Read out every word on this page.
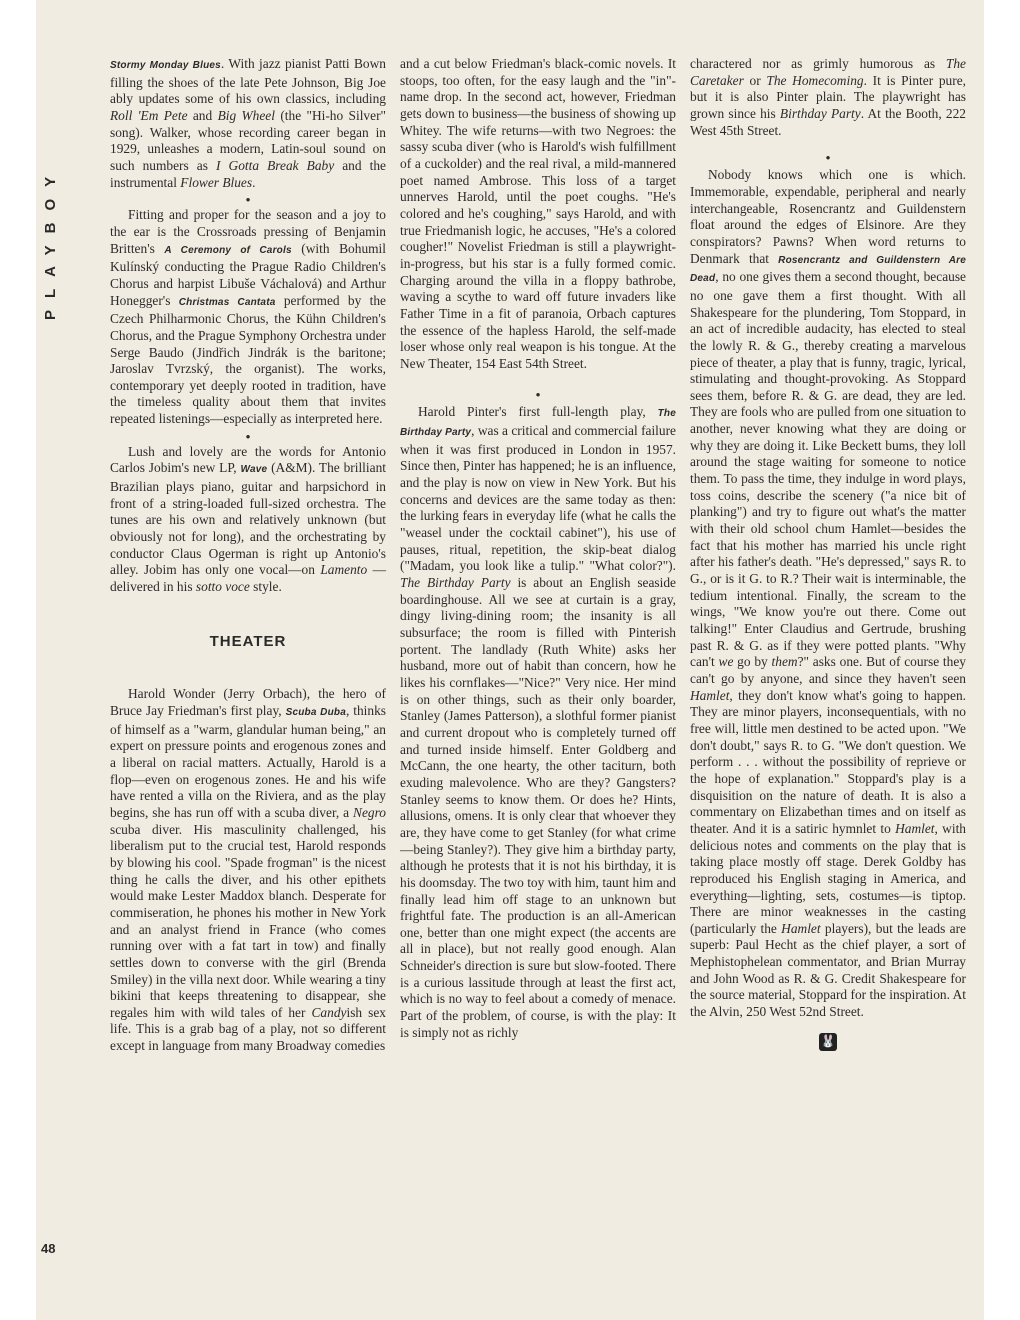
PLAYBOY
48

Stormy Monday Blues. With jazz pianist Patti Bown filling the shoes of the late Pete Johnson, Big Joe ably updates some of his own classics, including Roll 'Em Pete and Big Wheel (the "Hi-ho Silver" song). Walker, whose recording career began in 1929, unleashes a modern, Latin-soul sound on such numbers as I Gotta Break Baby and the instrumental Flower Blues.

•

Fitting and proper for the season and a joy to the ear is the Crossroads pressing of Benjamin Britten's A Ceremony of Carols (with Bohumil Kulínský conducting the Prague Radio Children's Chorus and harpist Libuše Váchalová) and Arthur Honegger's Christmas Cantata performed by the Czech Philharmonic Chorus, the Kühn Children's Chorus, and the Prague Symphony Orchestra under Serge Baudo (Jindřich Jindrák is the baritone; Jaroslav Tvrzský, the organist). The works, contemporary yet deeply rooted in tradition, have the timeless quality about them that invites repeated listenings—especially as interpreted here.

•

Lush and lovely are the words for Antonio Carlos Jobim's new LP, Wave (A&M). The brilliant Brazilian plays piano, guitar and harpsichord in front of a string-loaded full-sized orchestra. The tunes are his own and relatively unknown (but obviously not for long), and the orchestrating by conductor Claus Ogerman is right up Antonio's alley. Jobim has only one vocal—on Lamento —delivered in his sotto voce style.

THEATER

Harold Wonder (Jerry Orbach), the hero of Bruce Jay Friedman's first play, Scuba Duba, thinks of himself as a "warm, glandular human being," an expert on pressure points and erogenous zones and a liberal on racial matters. Actually, Harold is a flop—even on erogenous zones. He and his wife have rented a villa on the Riviera, and as the play begins, she has run off with a scuba diver, a Negro scuba diver. His masculinity challenged, his liberalism put to the crucial test, Harold responds by blowing his cool. "Spade frogman" is the nicest thing he calls the diver, and his other epithets would make Lester Maddox blanch. Desperate for commiseration, he phones his mother in New York and an analyst friend in France (who comes running over with a fat tart in tow) and finally settles down to converse with the girl (Brenda Smiley) in the villa next door. While wearing a tiny bikini that keeps threatening to disappear, she regales him with wild tales of her Candyish sex life. This is a grab bag of a play, not so different except in language from many Broadway comedies

and a cut below Friedman's black-comic novels. It stoops, too often, for the easy laugh and the "in"-name drop. In the second act, however, Friedman gets down to business—the business of showing up Whitey. The wife returns—with two Negroes: the sassy scuba diver (who is Harold's wish fulfillment of a cuckolder) and the real rival, a mild-mannered poet named Ambrose. This loss of a target unnerves Harold, until the poet coughs. "He's colored and he's coughing," says Harold, and with true Friedmanish logic, he accuses, "He's a colored cougher!" Novelist Friedman is still a playwright-in-progress, but his star is a fully formed comic. Charging around the villa in a floppy bathrobe, waving a scythe to ward off future invaders like Father Time in a fit of paranoia, Orbach captures the essence of the hapless Harold, the self-made loser whose only real weapon is his tongue. At the New Theater, 154 East 54th Street.

•

Harold Pinter's first full-length play, The Birthday Party, was a critical and commercial failure when it was first produced in London in 1957. Since then, Pinter has happened; he is an influence, and the play is now on view in New York. But his concerns and devices are the same today as then: the lurking fears in everyday life (what he calls the "weasel under the cocktail cabinet"), his use of pauses, ritual, repetition, the skip-beat dialog ("Madam, you look like a tulip." "What color?"). The Birthday Party is about an English seaside boardinghouse. All we see at curtain is a gray, dingy living-dining room; the insanity is all subsurface; the room is filled with Pinterish portent. The landlady (Ruth White) asks her husband, more out of habit than concern, how he likes his cornflakes—"Nice?" Very nice. Her mind is on other things, such as their only boarder, Stanley (James Patterson), a slothful former pianist and current dropout who is completely turned off and turned inside himself. Enter Goldberg and McCann, the one hearty, the other taciturn, both exuding malevolence. Who are they? Gangsters? Stanley seems to know them. Or does he? Hints, allusions, omens. It is only clear that whoever they are, they have come to get Stanley (for what crime—being Stanley?). They give him a birthday party, although he protests that it is not his birthday, it is his doomsday. The two toy with him, taunt him and finally lead him off stage to an unknown but frightful fate. The production is an all-American one, better than one might expect (the accents are all in place), but not really good enough. Alan Schneider's direction is sure but slow-footed. There is a curious lassitude through at least the first act, which is no way to feel about a comedy of menace. Part of the problem, of course, is with the play: It is simply not as richly

charactered nor as grimly humorous as The Caretaker or The Homecoming. It is Pinter pure, but it is also Pinter plain. The playwright has grown since his Birthday Party. At the Booth, 222 West 45th Street.

•

Nobody knows which one is which. Immemorable, expendable, peripheral and nearly interchangeable, Rosencrantz and Guildenstern float around the edges of Elsinore. Are they conspirators? Pawns? When word returns to Denmark that Rosencrantz and Guildenstern Are Dead, no one gives them a second thought, because no one gave them a first thought. With all Shakespeare for the plundering, Tom Stoppard, in an act of incredible audacity, has elected to steal the lowly R. & G., thereby creating a marvelous piece of theater, a play that is funny, tragic, lyrical, stimulating and thought-provoking. As Stoppard sees them, before R. & G. are dead, they are led. They are fools who are pulled from one situation to another, never knowing what they are doing or why they are doing it. Like Beckett bums, they loll around the stage waiting for someone to notice them. To pass the time, they indulge in word plays, toss coins, describe the scenery ("a nice bit of planking") and try to figure out what's the matter with their old school chum Hamlet—besides the fact that his mother has married his uncle right after his father's death. "He's depressed," says R. to G., or is it G. to R.? Their wait is interminable, the tedium intentional. Finally, the scream to the wings, "We know you're out there. Come out talking!" Enter Claudius and Gertrude, brushing past R. & G. as if they were potted plants. "Why can't we go by them?" asks one. But of course they can't go by anyone, and since they haven't seen Hamlet, they don't know what's going to happen. They are minor players, inconsequentials, with no free will, little men destined to be acted upon. "We don't doubt," says R. to G. "We don't question. We perform . . . without the possibility of reprieve or the hope of explanation." Stoppard's play is a disquisition on the nature of death. It is also a commentary on Elizabethan times and on itself as theater. And it is a satiric hymnlet to Hamlet, with delicious notes and comments on the play that is taking place mostly off stage. Derek Goldby has reproduced his English staging in America, and everything—lighting, sets, costumes—is tiptop. There are minor weaknesses in the casting (particularly the Hamlet players), but the leads are superb: Paul Hecht as the chief player, a sort of Mephistophelean commentator, and Brian Murray and John Wood as R. & G. Credit Shakespeare for the source material, Stoppard for the inspiration. At the Alvin, 250 West 52nd Street.

🐰
